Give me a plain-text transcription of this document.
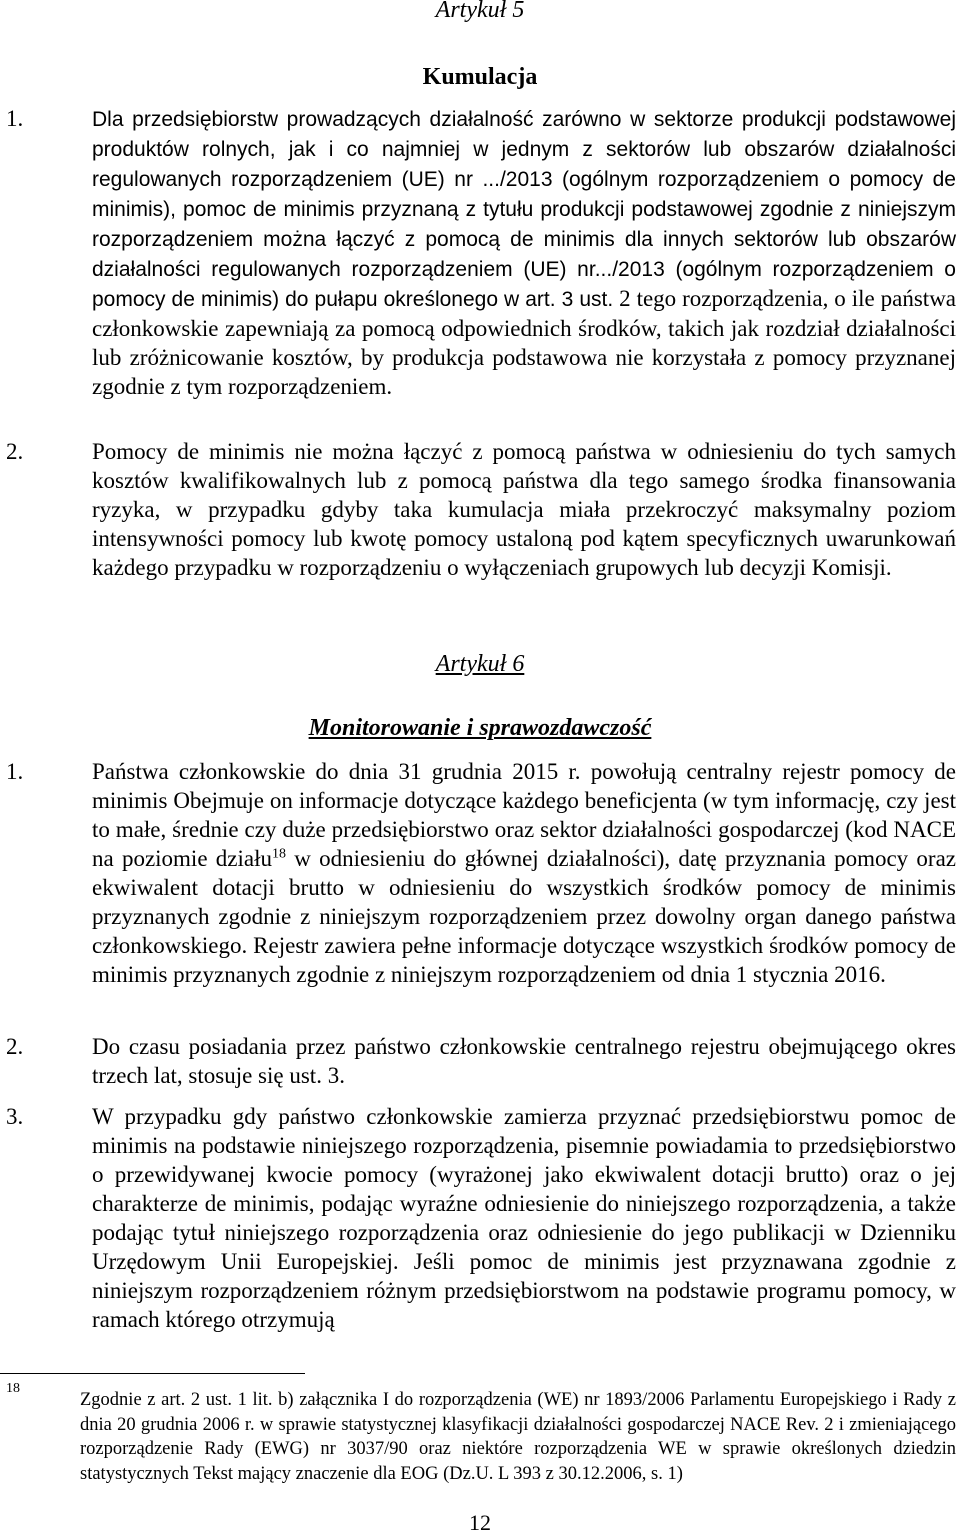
Artykuł 5

Kumulacja

1.	Dla przedsiębiorstw prowadzących działalność zarówno w sektorze produkcji podstawowej produktów rolnych, jak i co najmniej w jednym z sektorów lub obszarów działalności regulowanych rozporządzeniem (UE) nr .../2013 (ogólnym rozporządzeniem o pomocy de minimis), pomoc de minimis przyznaną z tytułu produkcji podstawowej zgodnie z niniejszym rozporządzeniem można łączyć z pomocą de minimis dla innych sektorów lub obszarów działalności regulowanych rozporządzeniem (UE) nr.../2013 (ogólnym rozporządzeniem o pomocy de minimis) do pułapu określonego w art. 3 ust. 2 tego rozporządzenia, o ile państwa członkowskie zapewniają za pomocą odpowiednich środków, takich jak rozdział działalności lub zróżnicowanie kosztów, by produkcja podstawowa nie korzystała z pomocy przyznanej zgodnie z tym rozporządzeniem.

2.	Pomocy de minimis nie można łączyć z pomocą państwa w odniesieniu do tych samych kosztów kwalifikowalnych lub z pomocą państwa dla tego samego środka finansowania ryzyka, w przypadku gdyby taka kumulacja miała przekroczyć maksymalny poziom intensywności pomocy lub kwotę pomocy ustaloną pod kątem specyficznych uwarunkowań każdego przypadku w rozporządzeniu o wyłączeniach grupowych lub decyzji Komisji.

Artykuł 6

Monitorowanie i sprawozdawczość

1.	Państwa członkowskie do dnia 31 grudnia 2015 r. powołują centralny rejestr pomocy de minimis Obejmuje on informacje dotyczące każdego beneficjenta (w tym informację, czy jest to małe, średnie czy duże przedsiębiorstwo oraz sektor działalności gospodarczej (kod NACE na poziomie działu$^{18}$ w odniesieniu do głównej działalności), datę przyznania pomocy oraz ekwiwalent dotacji brutto w odniesieniu do wszystkich środków pomocy de minimis przyznanych zgodnie z niniejszym rozporządzeniem przez dowolny organ danego państwa członkowskiego. Rejestr zawiera pełne informacje dotyczące wszystkich środków pomocy de minimis przyznanych zgodnie z niniejszym rozporządzeniem od dnia 1 stycznia 2016.

2.	Do czasu posiadania przez państwo członkowskie centralnego rejestru obejmującego okres trzech lat, stosuje się ust. 3.

3.	W przypadku gdy państwo członkowskie zamierza przyznać przedsiębiorstwu pomoc de minimis na podstawie niniejszego rozporządzenia, pisemnie powiadamia to przedsiębiorstwo o przewidywanej kwocie pomocy (wyrażonej jako ekwiwalent dotacji brutto) oraz o jej charakterze de minimis, podając wyraźne odniesienie do niniejszego rozporządzenia, a także podając tytuł niniejszego rozporządzenia oraz odniesienie do jego publikacji w Dzienniku Urzędowym Unii Europejskiej. Jeśli pomoc de minimis jest przyznawana zgodnie z niniejszym rozporządzeniem różnym przedsiębiorstwom na podstawie programu pomocy, w ramach którego otrzymują

18

Zgodnie z art. 2 ust. 1 lit. b) załącznika I do rozporządzenia (WE) nr 1893/2006 Parlamentu Europejskiego i Rady z dnia 20 grudnia 2006 r. w sprawie statystycznej klasyfikacji działalności gospodarczej NACE Rev. 2 i zmieniającego rozporządzenie Rady (EWG) nr 3037/90 oraz niektóre rozporządzenia WE w sprawie określonych dziedzin statystycznych Tekst mający znaczenie dla EOG (Dz.U. L 393 z 30.12.2006, s. 1)

12
